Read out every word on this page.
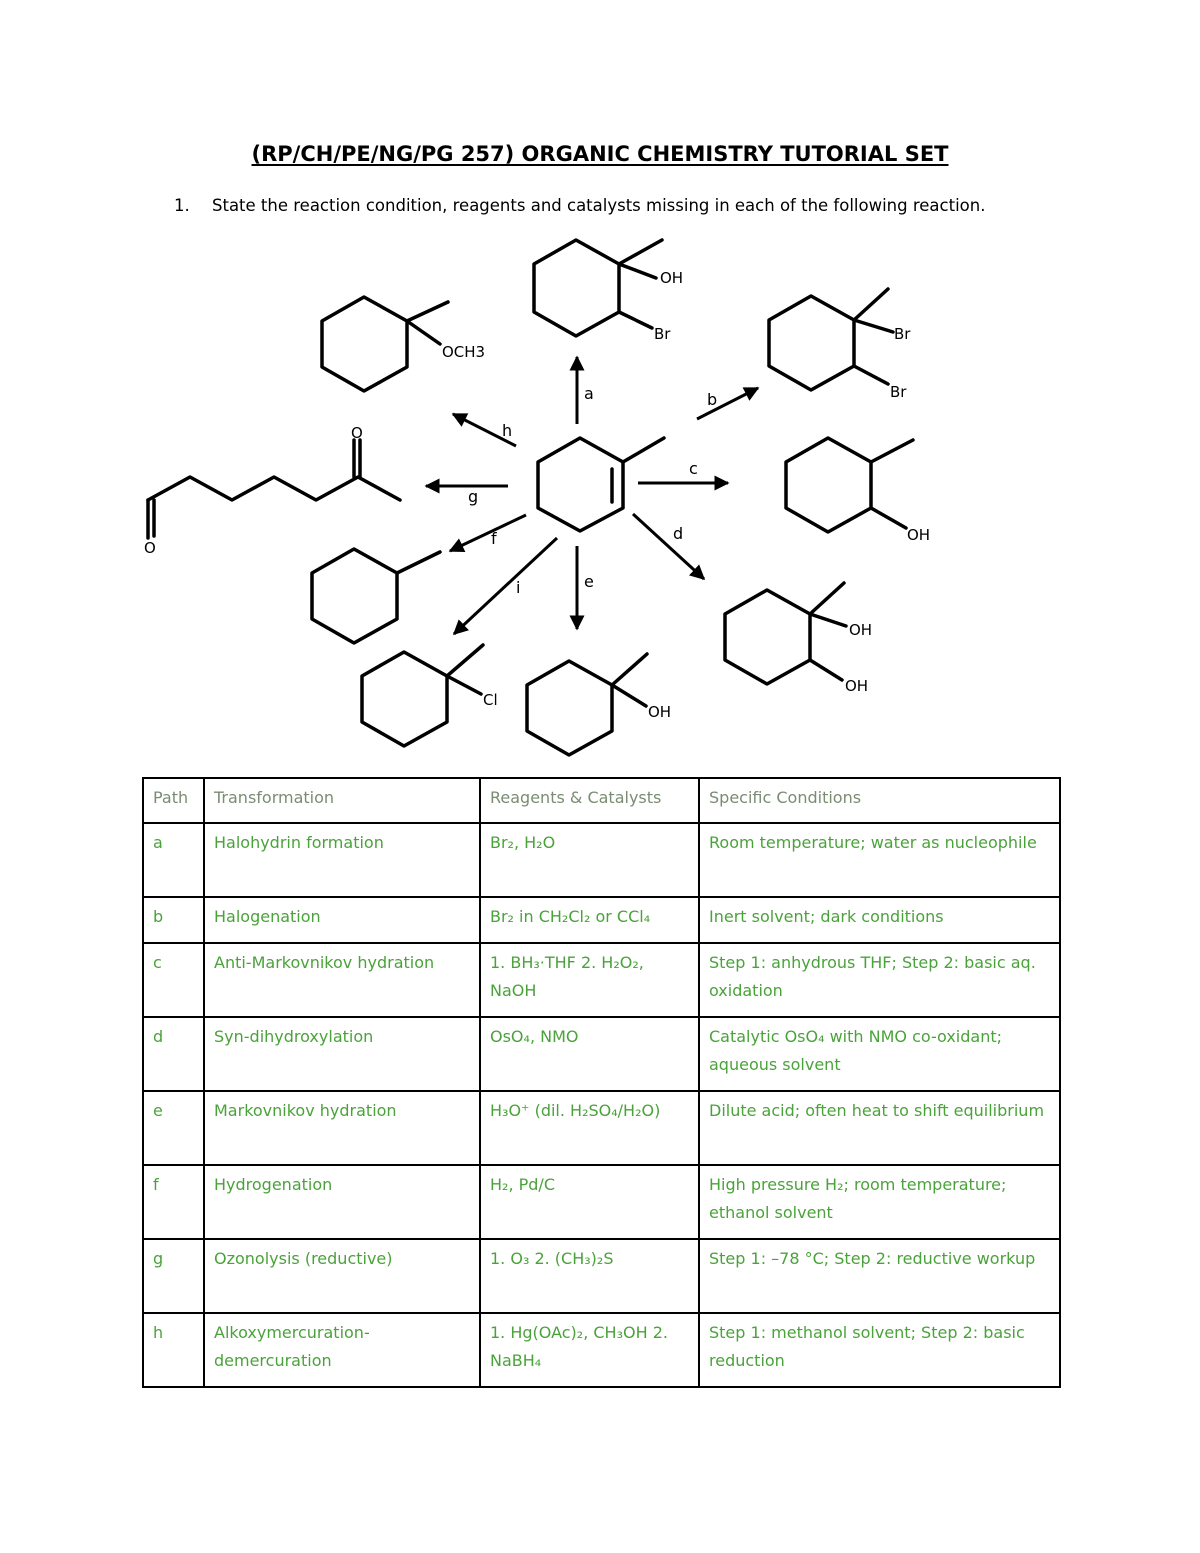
(RP/CH/PE/NG/PG 257) ORGANIC CHEMISTRY TUTORIAL SET
1. State the reaction condition, reagents and catalysts missing in each of the following reaction.
a	b
c
d
e
f
g
h
i
OH
Br	Br
Br
OH
OH
OH
OH
Cl
OCH3
O
O
Path	Transformation	Reagents & Catalysts	Specific Conditions
a	Halohydrin formation	Br₂, H₂O	Room temperature; water as nucleophile
b	Halogenation	Br₂ in CH₂Cl₂ or CCl₄	Inert solvent; dark conditions
c	Anti-Markovnikov hydration	1. BH₃·THF 2. H₂O₂, NaOH	Step 1: anhydrous THF; Step 2: basic aq. oxidation
d	Syn-dihydroxylation	OsO₄, NMO	Catalytic OsO₄ with NMO co-oxidant; aqueous solvent
e	Markovnikov hydration	H₃O⁺ (dil. H₂SO₄/H₂O)	Dilute acid; often heat to shift equilibrium
f	Hydrogenation	H₂, Pd/C	High pressure H₂; room temperature; ethanol solvent
g	Ozonolysis (reductive)	1. O₃ 2. (CH₃)₂S	Step 1: –78 °C; Step 2: reductive workup
h	Alkoxymercuration-demercuration	1. Hg(OAc)₂, CH₃OH 2. NaBH₄	Step 1: methanol solvent; Step 2: basic reduction
